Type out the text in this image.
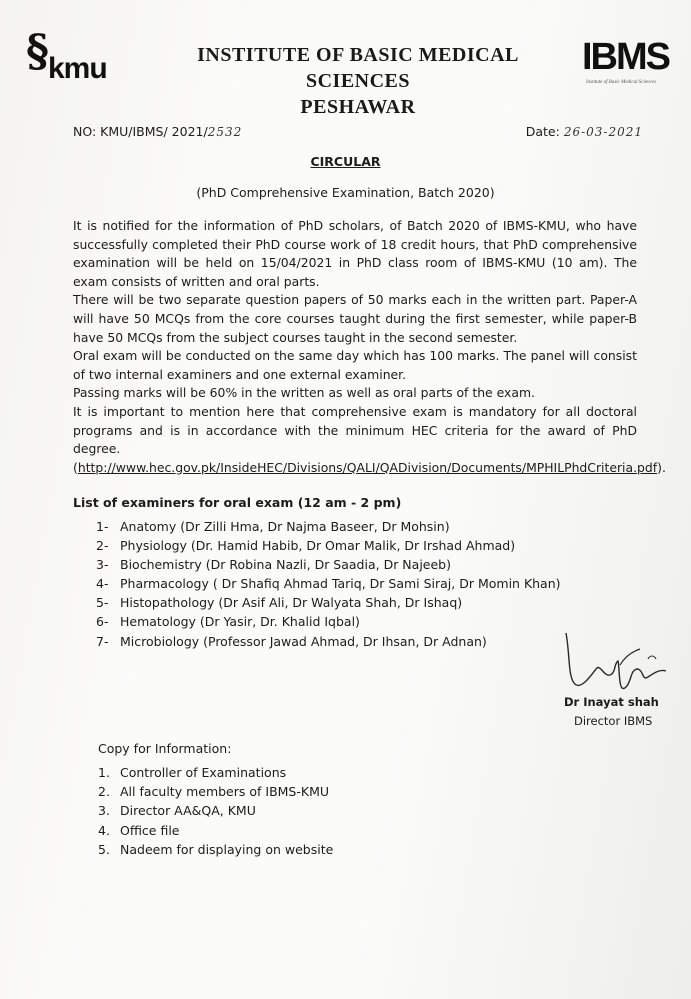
§
kmu	INSTITUTE OF BASIC MEDICAL SCIENCES
PESHAWAR
IBMS
Institute of Basic Medical Sciences
NO: KMU/IBMS/ 2021/2532	Date: 26-03-2021
CIRCULAR
(PhD Comprehensive Examination, Batch 2020)

It is notified for the information of PhD scholars, of Batch 2020 of IBMS-KMU, who have successfully completed their PhD course work of 18 credit hours, that PhD comprehensive examination will be held on 15/04/2021 in PhD class room of IBMS-KMU (10 am). The exam consists of written and oral parts.

There will be two separate question papers of 50 marks each in the written part. Paper-A will have 50 MCQs from the core courses taught during the first semester, while paper-B have 50 MCQs from the subject courses taught in the second semester.

Oral exam will be conducted on the same day which has 100 marks. The panel will consist of two internal examiners and one external examiner.

Passing marks will be 60% in the written as well as oral parts of the exam.

It is important to mention here that comprehensive exam is mandatory for all doctoral programs and is in accordance with the minimum HEC criteria for the award of PhD degree.

(http://www.hec.gov.pk/InsideHEC/Divisions/QALI/QADivision/Documents/MPHILPhdCriteria.pdf).

List of examiners for oral exam (12 am - 2 pm)
1- Anatomy (Dr Zilli Hma, Dr Najma Baseer, Dr Mohsin)
2- Physiology (Dr. Hamid Habib, Dr Omar Malik, Dr Irshad Ahmad)
3- Biochemistry (Dr Robina Nazli, Dr Saadia, Dr Najeeb)
4- Pharmacology ( Dr Shafiq Ahmad Tariq, Dr Sami Siraj, Dr Momin Khan)
5- Histopathology (Dr Asif Ali, Dr Walyata Shah, Dr Ishaq)
6- Hematology (Dr Yasir, Dr. Khalid Iqbal)
7- Microbiology (Professor Jawad Ahmad, Dr Ihsan, Dr Adnan)
Dr Inayat shah
Director IBMS
Copy for Information:
1. Controller of Examinations
2. All faculty members of IBMS-KMU
3. Director AA&QA, KMU
4. Office file
5. Nadeem for displaying on website
